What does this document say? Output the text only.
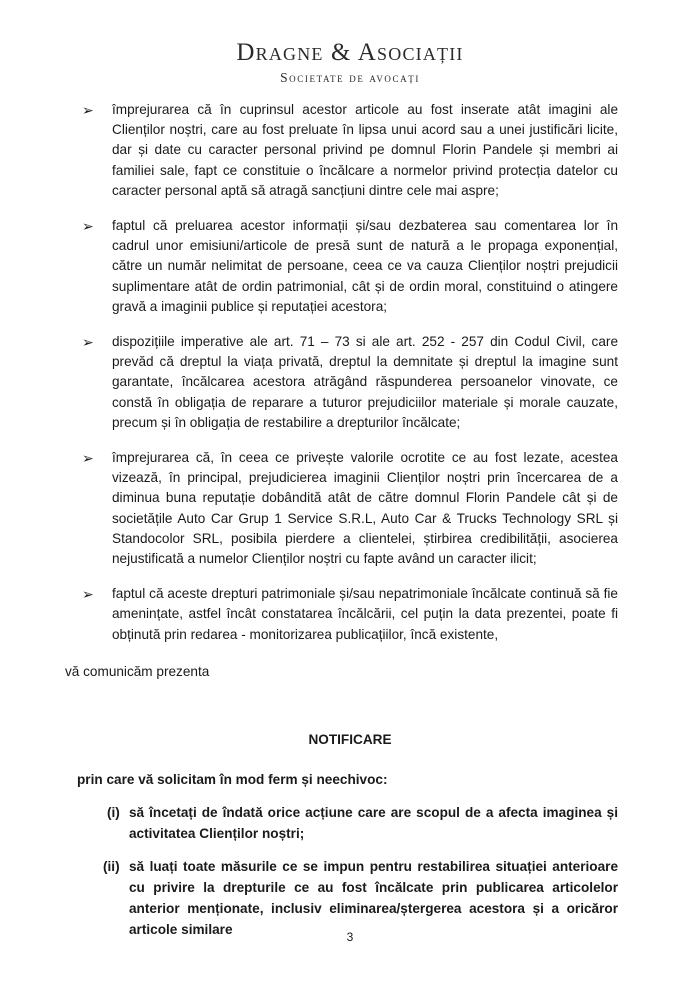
Dragne & Asociații
Societate de avocați
➢ împrejurarea că în cuprinsul acestor articole au fost inserate atât imagini ale Clienților noștri, care au fost preluate în lipsa unui acord sau a unei justificări licite, dar și date cu caracter personal privind pe domnul Florin Pandele și membri ai familiei sale, fapt ce constituie o încălcare a normelor privind protecția datelor cu caracter personal aptă să atragă sancțiuni dintre cele mai aspre;

➢ faptul că preluarea acestor informații și/sau dezbaterea sau comentarea lor în cadrul unor emisiuni/articole de presă sunt de natură a le propaga exponențial, către un număr nelimitat de persoane, ceea ce va cauza Clienților noștri prejudicii suplimentare atât de ordin patrimonial, cât și de ordin moral, constituind o atingere gravă a imaginii publice și reputației acestora;

➢ dispozițiile imperative ale art. 71 – 73 si ale art. 252 - 257 din Codul Civil, care prevăd că dreptul la viața privată, dreptul la demnitate și dreptul la imagine sunt garantate, încălcarea acestora atrăgând răspunderea persoanelor vinovate, ce constă în obligația de reparare a tuturor prejudiciilor materiale și morale cauzate, precum și în obligația de restabilire a drepturilor încălcate;

➢ împrejurarea că, în ceea ce privește valorile ocrotite ce au fost lezate, acestea vizează, în principal, prejudicierea imaginii Clienților noștri prin încercarea de a diminua buna reputație dobândită atât de către domnul Florin Pandele cât și de societățile Auto Car Grup 1 Service S.R.L, Auto Car & Trucks Technology SRL și Standocolor SRL, posibila pierdere a clientelei, știrbirea credibilității, asocierea nejustificată a numelor Clienților noștri cu fapte având un caracter ilicit;

➢ faptul că aceste drepturi patrimoniale și/sau nepatrimoniale încălcate continuă să fie amenințate, astfel încât constatarea încălcării, cel puțin la data prezentei, poate fi obținută prin redarea - monitorizarea publicațiilor, încă existente,

vă comunicăm prezenta
NOTIFICARE
prin care vă solicitam în mod ferm și neechivoc:
(i) să încetați de îndată orice acțiune care are scopul de a afecta imaginea și activitatea Clienților noștri;

(ii) să luați toate măsurile ce se impun pentru restabilirea situației anterioare cu privire la drepturile ce au fost încălcate prin publicarea articolelor anterior menționate, inclusiv eliminarea/ștergerea acestora și a oricăror articole similare

3
